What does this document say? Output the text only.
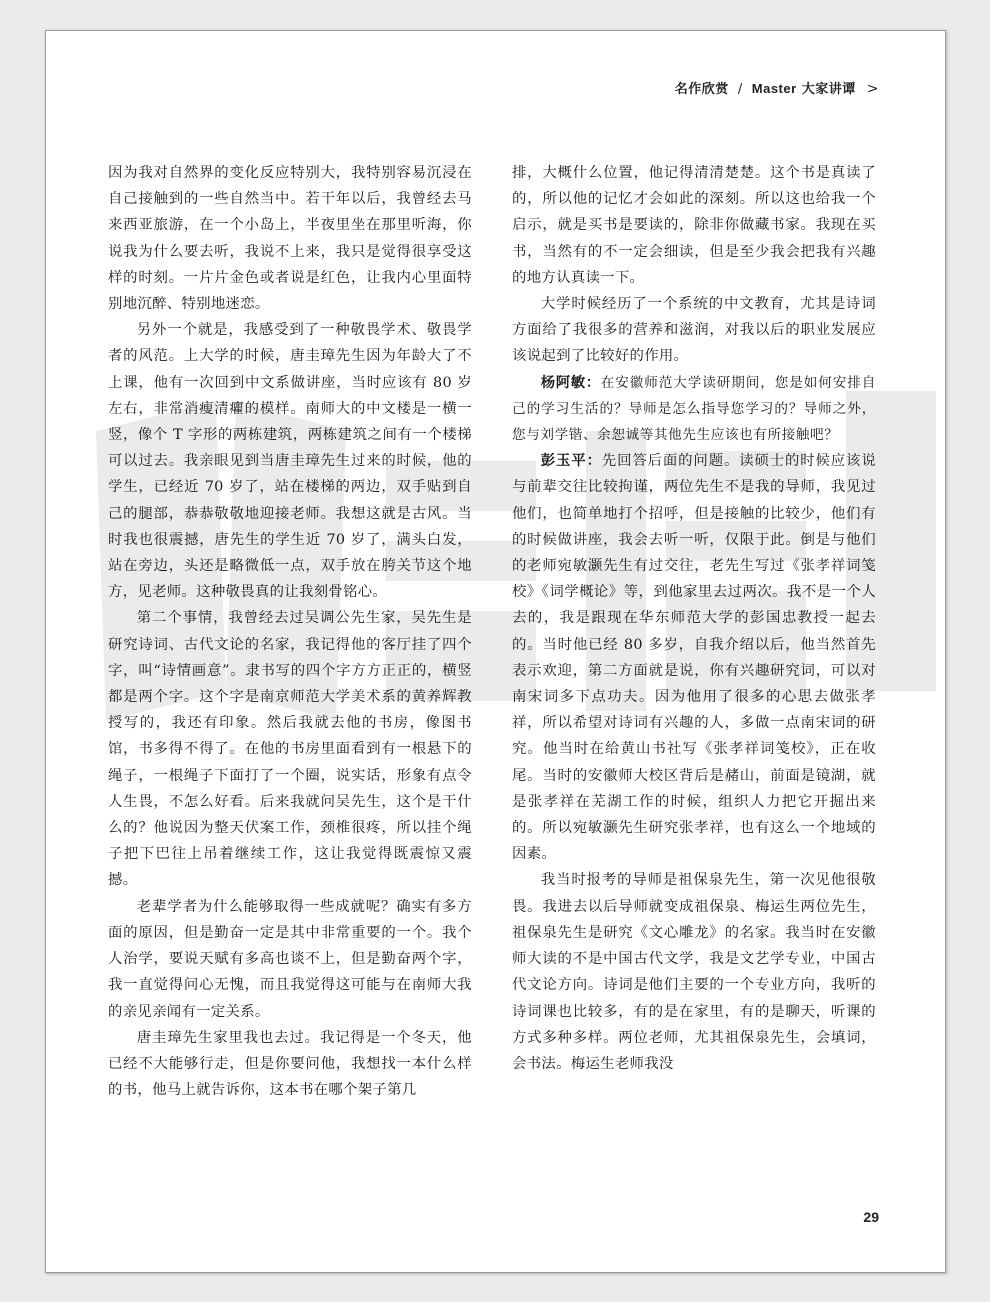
名作欣赏 / Master 大家讲谭 >

因为我对自然界的变化反应特别大，我特别容易沉浸在自己接触到的一些自然当中。若干年以后，我曾经去马来西亚旅游，在一个小岛上，半夜里坐在那里听海，你说我为什么要去听，我说不上来，我只是觉得很享受这样的时刻。一片片金色或者说是红色，让我内心里面特别地沉醉、特别地迷恋。

另外一个就是，我感受到了一种敬畏学术、敬畏学者的风范。上大学的时候，唐圭璋先生因为年龄大了不上课，他有一次回到中文系做讲座，当时应该有 80 岁左右，非常消瘦清癯的模样。南师大的中文楼是一横一竖，像个 T 字形的两栋建筑，两栋建筑之间有一个楼梯可以过去。我亲眼见到当唐圭璋先生过来的时候，他的学生，已经近 70 岁了，站在楼梯的两边，双手贴到自己的腿部，恭恭敬敬地迎接老师。我想这就是古风。当时我也很震撼，唐先生的学生近 70 岁了，满头白发，站在旁边，头还是略微低一点，双手放在胯关节这个地方，见老师。这种敬畏真的让我刻骨铭心。

第二个事情，我曾经去过吴调公先生家，吴先生是研究诗词、古代文论的名家，我记得他的客厅挂了四个字，叫“诗情画意”。隶书写的四个字方方正正的，横竖都是两个字。这个字是南京师范大学美术系的黄养辉教授写的，我还有印象。然后我就去他的书房，像图书馆，书多得不得了。在他的书房里面看到有一根悬下的绳子，一根绳子下面打了一个圈，说实话，形象有点令人生畏，不怎么好看。后来我就问吴先生，这个是干什么的？他说因为整天伏案工作，颈椎很疼，所以挂个绳子把下巴往上吊着继续工作，这让我觉得既震惊又震撼。

老辈学者为什么能够取得一些成就呢？确实有多方面的原因，但是勤奋一定是其中非常重要的一个。我个人治学，要说天赋有多高也谈不上，但是勤奋两个字，我一直觉得问心无愧，而且我觉得这可能与在南师大我的亲见亲闻有一定关系。

唐圭璋先生家里我也去过。我记得是一个冬天，他已经不大能够行走，但是你要问他，我想找一本什么样的书，他马上就告诉你，这本书在哪个架子第几

排，大概什么位置，他记得清清楚楚。这个书是真读了的，所以他的记忆才会如此的深刻。所以这也给我一个启示，就是买书是要读的，除非你做藏书家。我现在买书，当然有的不一定会细读，但是至少我会把我有兴趣的地方认真读一下。

大学时候经历了一个系统的中文教育，尤其是诗词方面给了我很多的营养和滋润，对我以后的职业发展应该说起到了比较好的作用。

杨阿敏：在安徽师范大学读研期间，您是如何安排自己的学习生活的？导师是怎么指导您学习的？导师之外，您与刘学锴、余恕诚等其他先生应该也有所接触吧？

彭玉平：先回答后面的问题。读硕士的时候应该说与前辈交往比较拘谨，两位先生不是我的导师，我见过他们，也简单地打个招呼，但是接触的比较少，他们有的时候做讲座，我会去听一听，仅限于此。倒是与他们的老师宛敏灏先生有过交往，老先生写过《张孝祥词笺校》《词学概论》等，到他家里去过两次。我不是一个人去的，我是跟现在华东师范大学的彭国忠教授一起去的。当时他已经 80 多岁，自我介绍以后，他当然首先表示欢迎，第二方面就是说，你有兴趣研究词，可以对南宋词多下点功夫。因为他用了很多的心思去做张孝祥，所以希望对诗词有兴趣的人，多做一点南宋词的研究。他当时在给黄山书社写《张孝祥词笺校》，正在收尾。当时的安徽师大校区背后是赭山，前面是镜湖，就是张孝祥在芜湖工作的时候，组织人力把它开掘出来的。所以宛敏灏先生研究张孝祥，也有这么一个地域的因素。

我当时报考的导师是祖保泉先生，第一次见他很敬畏。我进去以后导师就变成祖保泉、梅运生两位先生，祖保泉先生是研究《文心雕龙》的名家。我当时在安徽师大读的不是中国古代文学，我是文艺学专业，中国古代文论方向。诗词是他们主要的一个专业方向，我听的诗词课也比较多，有的是在家里，有的是聊天，听课的方式多种多样。两位老师，尤其祖保泉先生，会填词，会书法。梅运生老师我没

29
